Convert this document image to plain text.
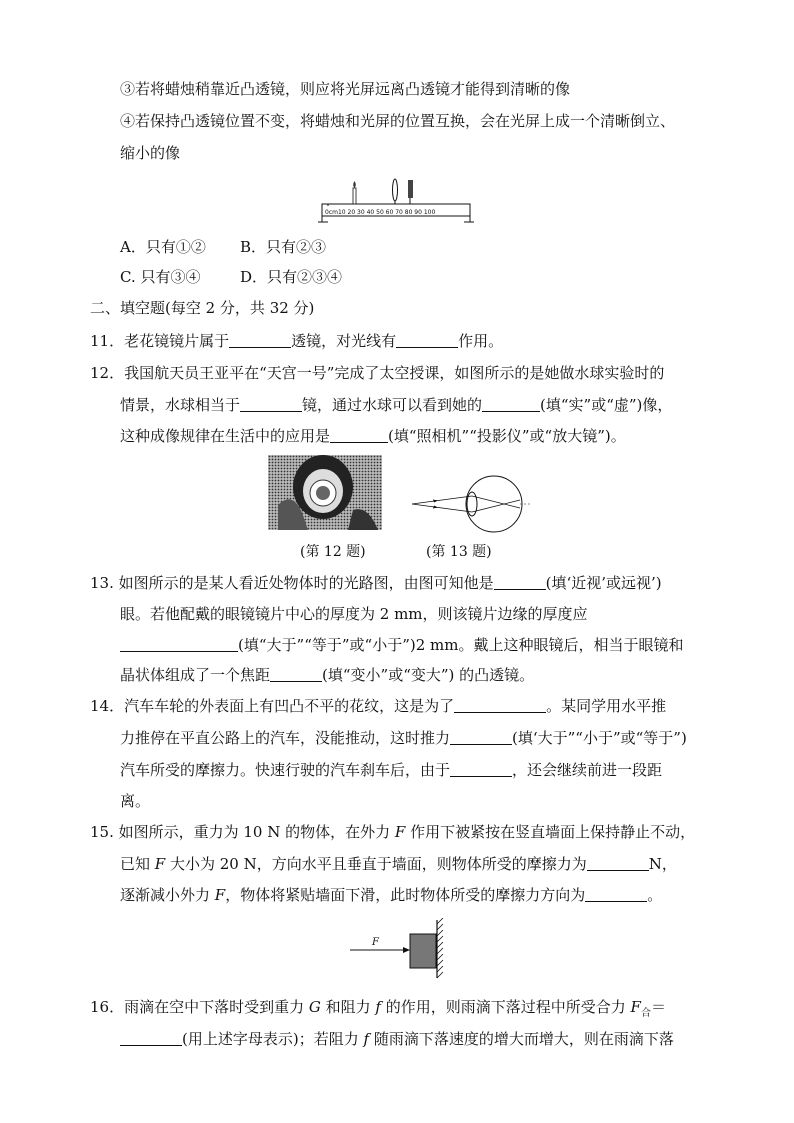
③若将蜡烛稍靠近凸透镜，则应将光屏远离凸透镜才能得到清晰的像
④若保持凸透镜位置不变，将蜡烛和光屏的位置互换，会在光屏上成一个清晰倒立、
缩小的像
0cm10 20 30 40 50 60 70 80 90 100
A．只有①② B．只有②③
C. 只有③④	D．只有②③④
二、填空题(每空 2 分，共 32 分)
11．老花镜镜片属于	透镜，对光线有	作用。
12．我国航天员王亚平在“天宫一号”完成了太空授课，如图所示的是她做水球实验时的
情景，水球相当于	镜，通过水球可以看到她的	(填“实”或“虚”)像，
这种成像规律在生活中的应用是	(填“照相机”“投影仪”或“放大镜”)。
(第 12 题)	(第 13 题)
13. 如图所示的是某人看近处物体时的光路图，由图可知他是	(填‘近视’或远视’)
眼。若他配戴的眼镜镜片中心的厚度为 2 mm，则该镜片边缘的厚度应
(填“大于”“等于”或“小于”)2 mm。戴上这种眼镜后，相当于眼镜和
晶状体组成了一个焦距	(填“变小”或“变大”) 的凸透镜。
14．汽车车轮的外表面上有凹凸不平的花纹，这是为了	。某同学用水平推
力推停在平直公路上的汽车，没能推动，这时推力	(填‘大于”“小于”或“等于”)
汽车所受的摩擦力。快速行驶的汽车刹车后，由于	，还会继续前进一段距
离。
15. 如图所示，重力为 10 N 的物体，在外力 F 作用下被紧按在竖直墙面上保持静止不动，
已知 F 大小为 20 N，方向水平且垂直于墙面，则物体所受的摩擦力为	N，
逐渐减小外力 F，物体将紧贴墙面下滑，此时物体所受的摩擦力方向为	。
F
16．雨滴在空中下落时受到重力 G 和阻力 f 的作用，则雨滴下落过程中所受合力 $F_合=$
(用上述字母表示)；若阻力 f 随雨滴下落速度的增大而增大，则在雨滴下落
